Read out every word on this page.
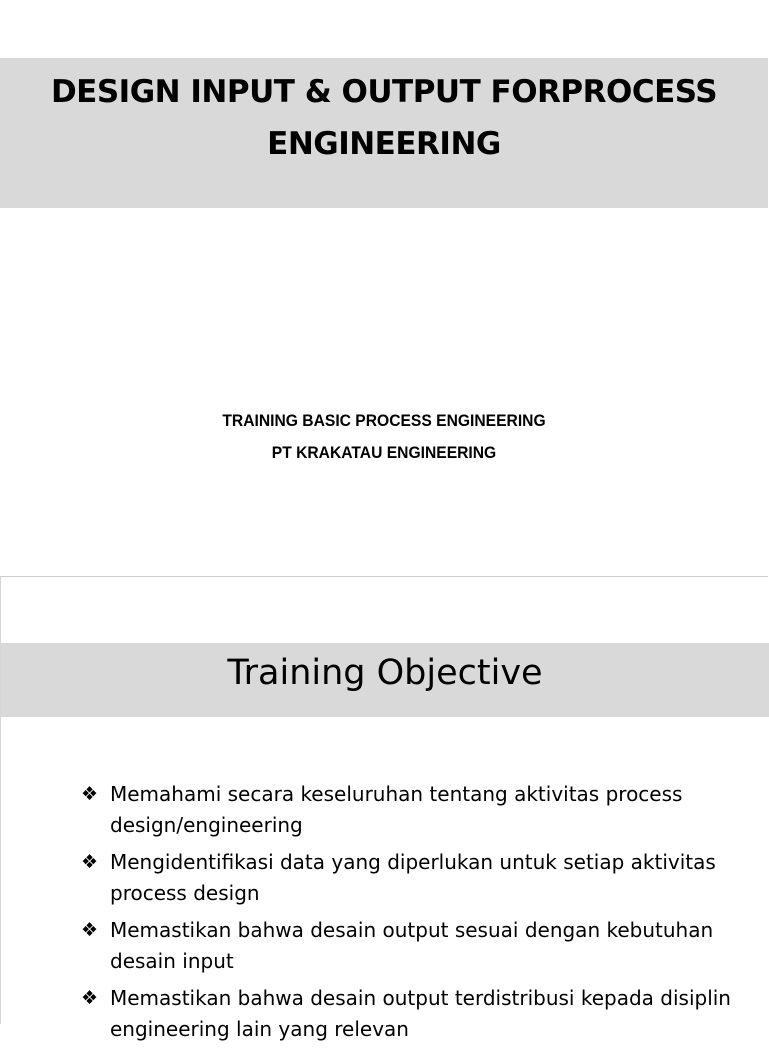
DESIGN INPUT & OUTPUT FORPROCESS
ENGINEERING
TRAINING BASIC PROCESS ENGINEERING
PT KRAKATAU ENGINEERING
Training Objective
❖ Memahami secara keseluruhan tentang aktivitas process design/engineering
❖ Mengidentifikasi data yang diperlukan untuk setiap aktivitas process design
❖ Memastikan bahwa desain output sesuai dengan kebutuhan desain input
❖ Memastikan bahwa desain output terdistribusi kepada disiplin engineering lain yang relevan
